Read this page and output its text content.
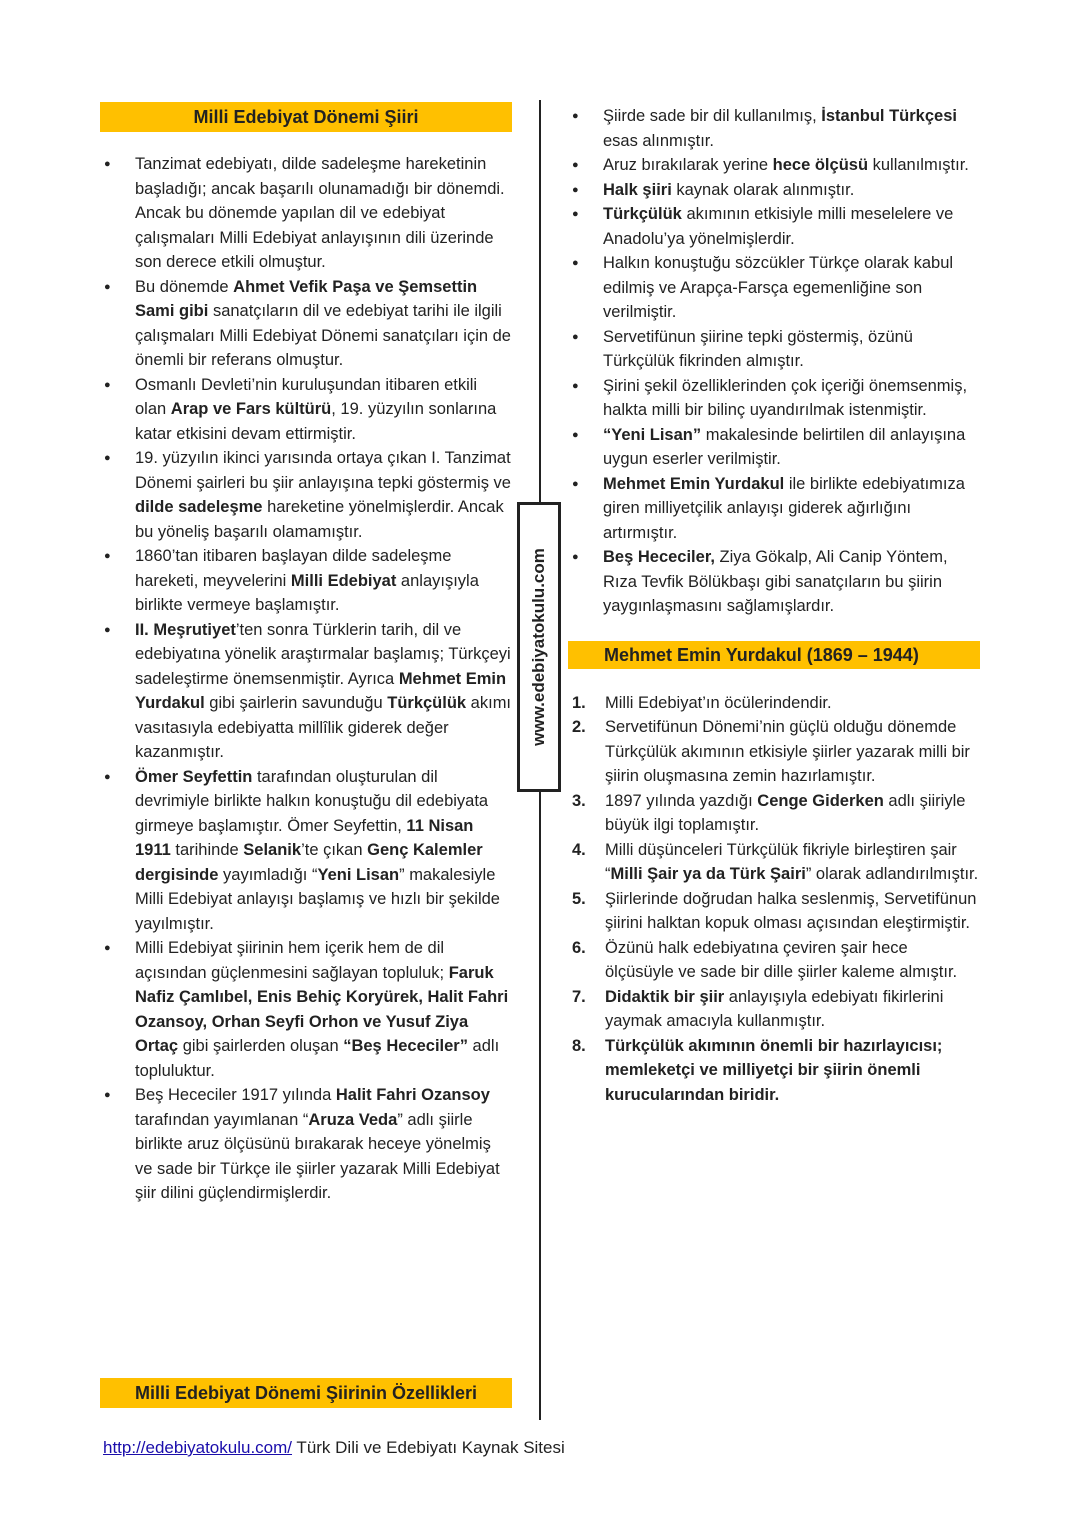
Milli Edebiyat Dönemi Şiiri
● Tanzimat edebiyatı, dilde sadeleşme hareketinin başladığı; ancak başarılı olunamadığı bir dönemdi. Ancak bu dönemde yapılan dil ve edebiyat çalışmaları Milli Edebiyat anlayışının dili üzerinde son derece etkili olmuştur.
● Bu dönemde Ahmet Vefik Paşa ve Şemsettin Sami gibi sanatçıların dil ve edebiyat tarihi ile ilgili çalışmaları Milli Edebiyat Dönemi sanatçıları için de önemli bir referans olmuştur.
● Osmanlı Devleti’nin kuruluşundan itibaren etkili olan Arap ve Fars kültürü, 19. yüzyılın sonlarına katar etkisini devam ettirmiştir.
● 19. yüzyılın ikinci yarısında ortaya çıkan I. Tanzimat Dönemi şairleri bu şiir anlayışına tepki göstermiş ve dilde sadeleşme hareketine yönelmişlerdir. Ancak bu yöneliş başarılı olamamıştır.
● 1860’tan itibaren başlayan dilde sadeleşme hareketi, meyvelerini Milli Edebiyat anlayışıyla birlikte vermeye başlamıştır.
● II. Meşrutiyet’ten sonra Türklerin tarih, dil ve edebiyatına yönelik araştırmalar başlamış; Türkçeyi sadeleştirme önemsenmiştir. Ayrıca Mehmet Emin Yurdakul gibi şairlerin savunduğu Türkçülük akımı vasıtasıyla edebiyatta millîlik giderek değer kazanmıştır.
● Ömer Seyfettin tarafından oluşturulan dil devrimiyle birlikte halkın konuştuğu dil edebiyata girmeye başlamıştır. Ömer Seyfettin, 11 Nisan 1911 tarihinde Selanik’te çıkan Genç Kalemler dergisinde yayımladığı “Yeni Lisan” makalesiyle Milli Edebiyat anlayışı başlamış ve hızlı bir şekilde yayılmıştır.
● Milli Edebiyat şiirinin hem içerik hem de dil açısından güçlenmesini sağlayan topluluk; Faruk Nafiz Çamlıbel, Enis Behiç Koryürek, Halit Fahri Ozansoy, Orhan Seyfi Orhon ve Yusuf Ziya Ortaç gibi şairlerden oluşan “Beş Hececiler” adlı topluluktur.
● Beş Hececiler 1917 yılında Halit Fahri Ozansoy tarafından yayımlanan “Aruza Veda” adlı şiirle birlikte aruz ölçüsünü bırakarak heceye yönelmiş ve sade bir Türkçe ile şiirler yazarak Milli Edebiyat şiir dilini güçlendirmişlerdir.
Milli Edebiyat Dönemi Şiirinin Özellikleri
www.edebiyatokulu.com
● Şiirde sade bir dil kullanılmış, İstanbul Türkçesi esas alınmıştır.
● Aruz bırakılarak yerine hece ölçüsü kullanılmıştır.
● Halk şiiri kaynak olarak alınmıştır.
● Türkçülük akımının etkisiyle milli meselelere ve Anadolu’ya yönelmişlerdir.
● Halkın konuştuğu sözcükler Türkçe olarak kabul edilmiş ve Arapça-Farsça egemenliğine son verilmiştir.
● Servetifünun şiirine tepki göstermiş, özünü Türkçülük fikrinden almıştır.
● Şirini şekil özelliklerinden çok içeriği önemsenmiş, halkta milli bir bilinç uyandırılmak istenmiştir.
● “Yeni Lisan” makalesinde belirtilen dil anlayışına uygun eserler verilmiştir.
● Mehmet Emin Yurdakul ile birlikte edebiyatımıza giren milliyetçilik anlayışı giderek ağırlığını artırmıştır.
● Beş Hececiler, Ziya Gökalp, Ali Canip Yöntem, Rıza Tevfik Bölükbaşı gibi sanatçıların bu şiirin yaygınlaşmasını sağlamışlardır.
Mehmet Emin Yurdakul (1869 – 1944)
1. Milli Edebiyat’ın öcülerindendir.
2. Servetifünun Dönemi’nin güçlü olduğu dönemde Türkçülük akımının etkisiyle şiirler yazarak milli bir şiirin oluşmasına zemin hazırlamıştır.
3. 1897 yılında yazdığı Cenge Giderken adlı şiiriyle büyük ilgi toplamıştır.
4. Milli düşünceleri Türkçülük fikriyle birleştiren şair “Milli Şair ya da Türk Şairi” olarak adlandırılmıştır.
5. Şiirlerinde doğrudan halka seslenmiş, Servetifünun şiirini halktan kopuk olması açısından eleştirmiştir.
6. Özünü halk edebiyatına çeviren şair hece ölçüsüyle ve sade bir dille şiirler kaleme almıştır.
7. Didaktik bir şiir anlayışıyla edebiyatı fikirlerini yaymak amacıyla kullanmıştır.
8. Türkçülük akımının önemli bir hazırlayıcısı; memleketçi ve milliyetçi bir şiirin önemli kurucularından biridir.
http://edebiyatokulu.com/ Türk Dili ve Edebiyatı Kaynak Sitesi
